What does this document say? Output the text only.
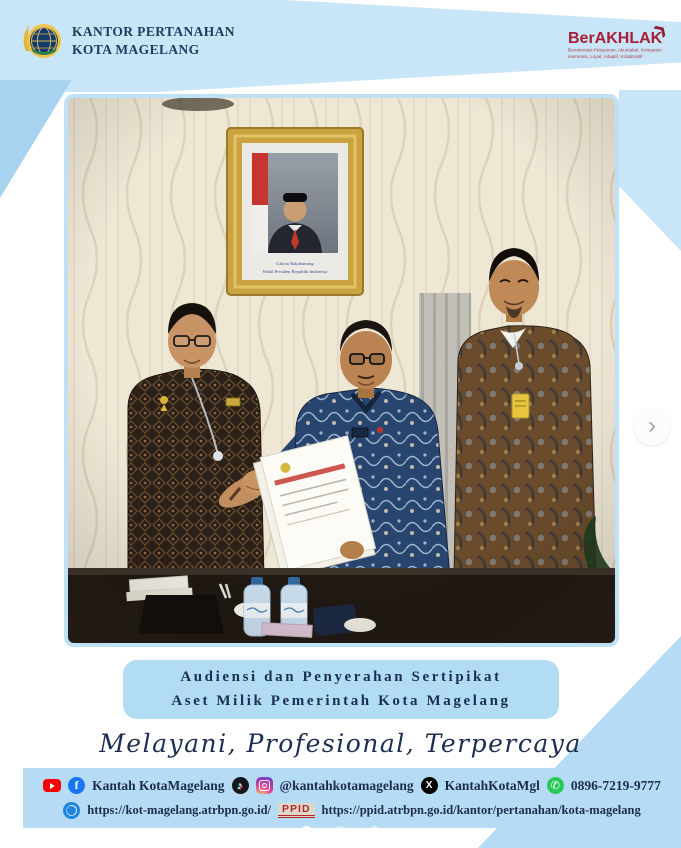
f	Kantah KotaMagelang	♪	@kantahkotamagelang	X KantahKotaMgl ✆ 0896-7219-9777
https://kot-magelang.atrbpn.go.id/	PPID https://ppid.atrbpn.go.id/kantor/pertanahan/kota-magelang
KANTOR PERTANAHAN
KOTA MAGELANG
BerAKHLAK
❯
Berorientasi Pelayanan, Akuntabel, Kompeten
Harmonis, Loyal, Adaptif, Kolaboratif
›
Audiensi dan Penyerahan Sertipikat
Aset Milik Pemerintah Kota Magelang
Melayani, Profesional, Terpercaya
